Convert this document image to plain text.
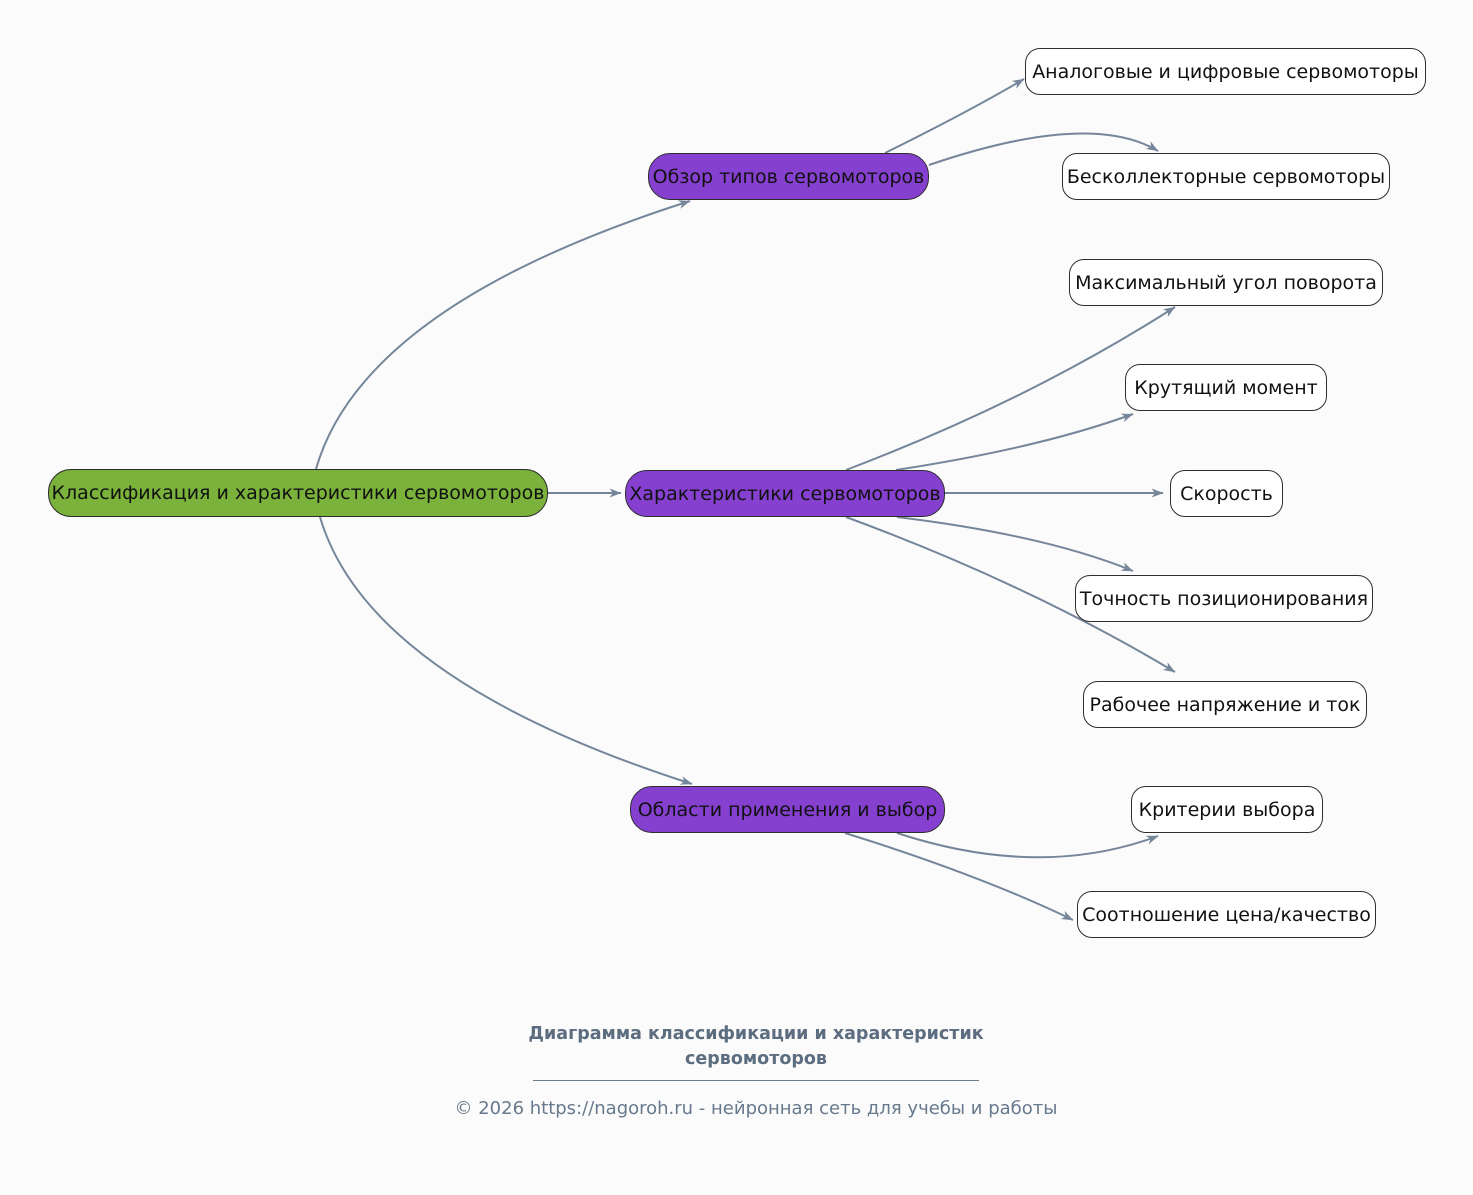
Классификация и характеристики сервомоторов
Обзор типов сервомоторов
Характеристики сервомоторов
Области применения и выбор
Аналоговые и цифровые сервомоторы
Бесколлекторные сервомоторы
Максимальный угол поворота
Крутящий момент
Скорость
Точность позиционирования
Рабочее напряжение и ток
Критерии выбора
Соотношение цена/качество
Диаграмма классификации и характеристик сервомоторов
© 2026 https://nagoroh.ru - нейронная сеть для учебы и работы
